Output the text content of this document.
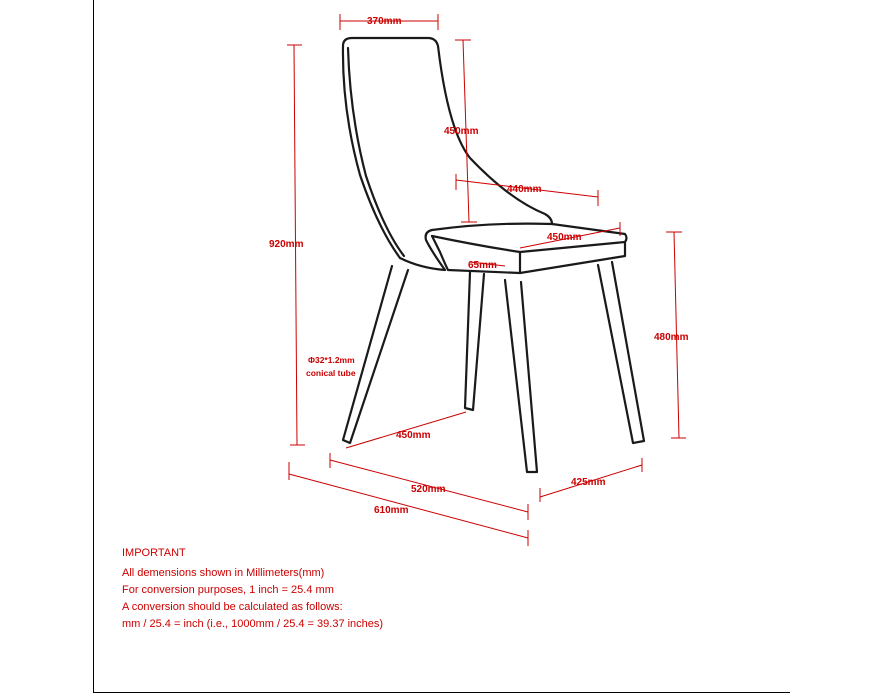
370mm
450mm
440mm
450mm
65mm
920mm
480mm
Φ32*1.2mm
conical tube
450mm
520mm
425mm
610mm
IMPORTANT
All demensions shown in Millimeters(mm)
For conversion purposes, 1 inch = 25.4 mm
A conversion should be calculated as follows:
mm / 25.4 = inch (i.e., 1000mm / 25.4 = 39.37 inches)
